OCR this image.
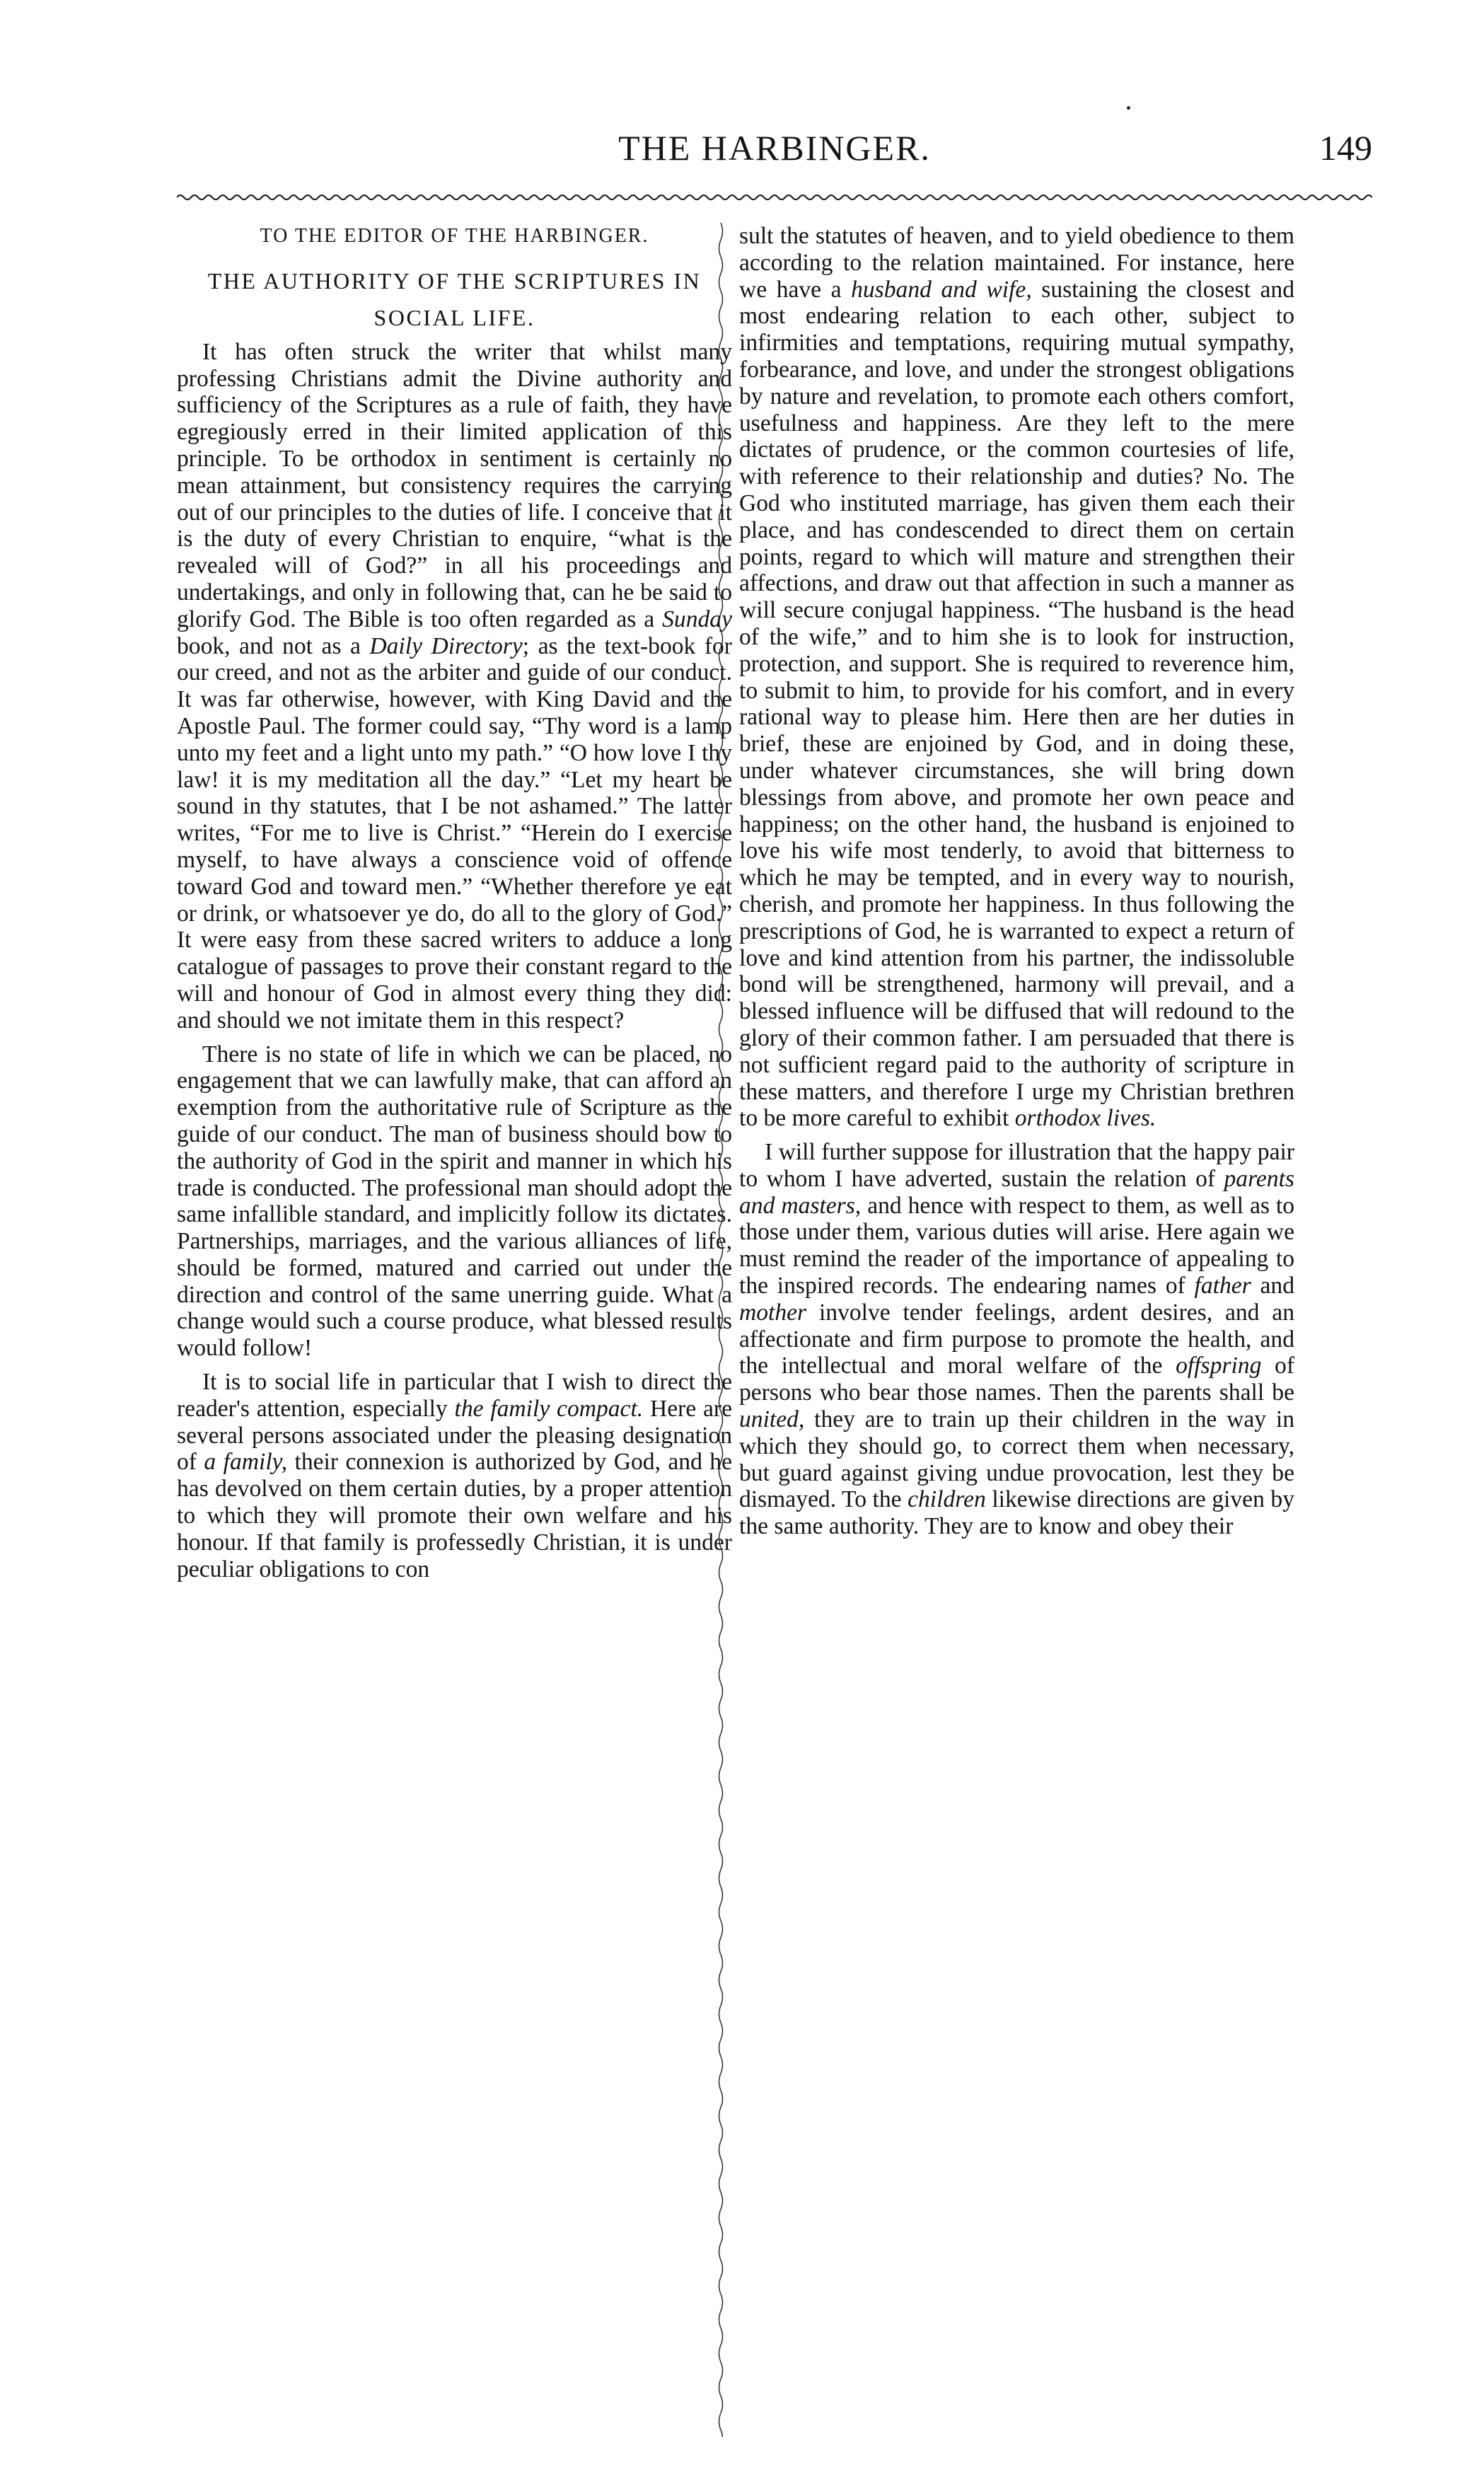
THE HARBINGER.	149
TO THE EDITOR OF THE HARBINGER.
THE AUTHORITY OF THE SCRIPTURES IN SOCIAL LIFE.

It has often struck the writer that whilst many professing Christians admit the Divine authority and sufficiency of the Scriptures as a rule of faith, they have egregiously erred in their limited application of this principle. To be orthodox in sentiment is certainly no mean attainment, but consistency requires the carrying out of our principles to the duties of life. I conceive that it is the duty of every Christian to enquire, “what is the revealed will of God?” in all his proceedings and undertakings, and only in following that, can he be said to glorify God. The Bible is too often regarded as a Sunday book, and not as a Daily Directory; as the text-book for our creed, and not as the arbiter and guide of our conduct. It was far otherwise, however, with King David and the Apostle Paul. The former could say, “Thy word is a lamp unto my feet and a light unto my path.” “O how love I thy law! it is my meditation all the day.” “Let my heart be sound in thy statutes, that I be not ashamed.” The latter writes, “For me to live is Christ.” “Herein do I exercise myself, to have always a conscience void of offence toward God and toward men.” “Whether therefore ye eat or drink, or whatsoever ye do, do all to the glory of God.” It were easy from these sacred writers to adduce a long catalogue of passages to prove their constant regard to the will and honour of God in almost every thing they did: and should we not imitate them in this respect?

There is no state of life in which we can be placed, no engagement that we can lawfully make, that can afford an exemption from the authoritative rule of Scripture as the guide of our conduct. The man of business should bow to the authority of God in the spirit and manner in which his trade is conducted. The professional man should adopt the same infallible standard, and implicitly follow its dictates. Partnerships, marriages, and the various alliances of life, should be formed, matured and carried out under the direction and control of the same unerring guide. What a change would such a course produce, what blessed results would follow!

It is to social life in particular that I wish to direct the reader's attention, especially the family compact. Here are several persons associated under the pleasing designation of a family, their connexion is authorized by God, and he has devolved on them certain duties, by a proper attention to which they will promote their own welfare and his honour. If that family is professedly Christian, it is under peculiar obligations to con

sult the statutes of heaven, and to yield obedience to them according to the relation maintained. For instance, here we have a husband and wife, sustaining the closest and most endearing relation to each other, subject to infirmities and temptations, requiring mutual sympathy, forbearance, and love, and under the strongest obligations by nature and revelation, to promote each others comfort, usefulness and happiness. Are they left to the mere dictates of prudence, or the common courtesies of life, with reference to their relationship and duties? No. The God who instituted marriage, has given them each their place, and has condescended to direct them on certain points, regard to which will mature and strengthen their affections, and draw out that affection in such a manner as will secure conjugal happiness. “The husband is the head of the wife,” and to him she is to look for instruction, protection, and support. She is required to reverence him, to submit to him, to provide for his comfort, and in every rational way to please him. Here then are her duties in brief, these are enjoined by God, and in doing these, under whatever circumstances, she will bring down blessings from above, and promote her own peace and happiness; on the other hand, the husband is enjoined to love his wife most tenderly, to avoid that bitterness to which he may be tempted, and in every way to nourish, cherish, and promote her happiness. In thus following the prescriptions of God, he is warranted to expect a return of love and kind attention from his partner, the indissoluble bond will be strengthened, harmony will prevail, and a blessed influence will be diffused that will redound to the glory of their common father. I am persuaded that there is not sufficient regard paid to the authority of scripture in these matters, and therefore I urge my Christian brethren to be more careful to exhibit orthodox lives.

I will further suppose for illustration that the happy pair to whom I have adverted, sustain the relation of parents and masters, and hence with respect to them, as well as to those under them, various duties will arise. Here again we must remind the reader of the importance of appealing to the inspired records. The endearing names of father and mother involve tender feelings, ardent desires, and an affectionate and firm purpose to promote the health, and the intellectual and moral welfare of the offspring of persons who bear those names. Then the parents shall be united, they are to train up their children in the way in which they should go, to correct them when necessary, but guard against giving undue provocation, lest they be dismayed. To the children likewise directions are given by the same authority. They are to know and obey their
